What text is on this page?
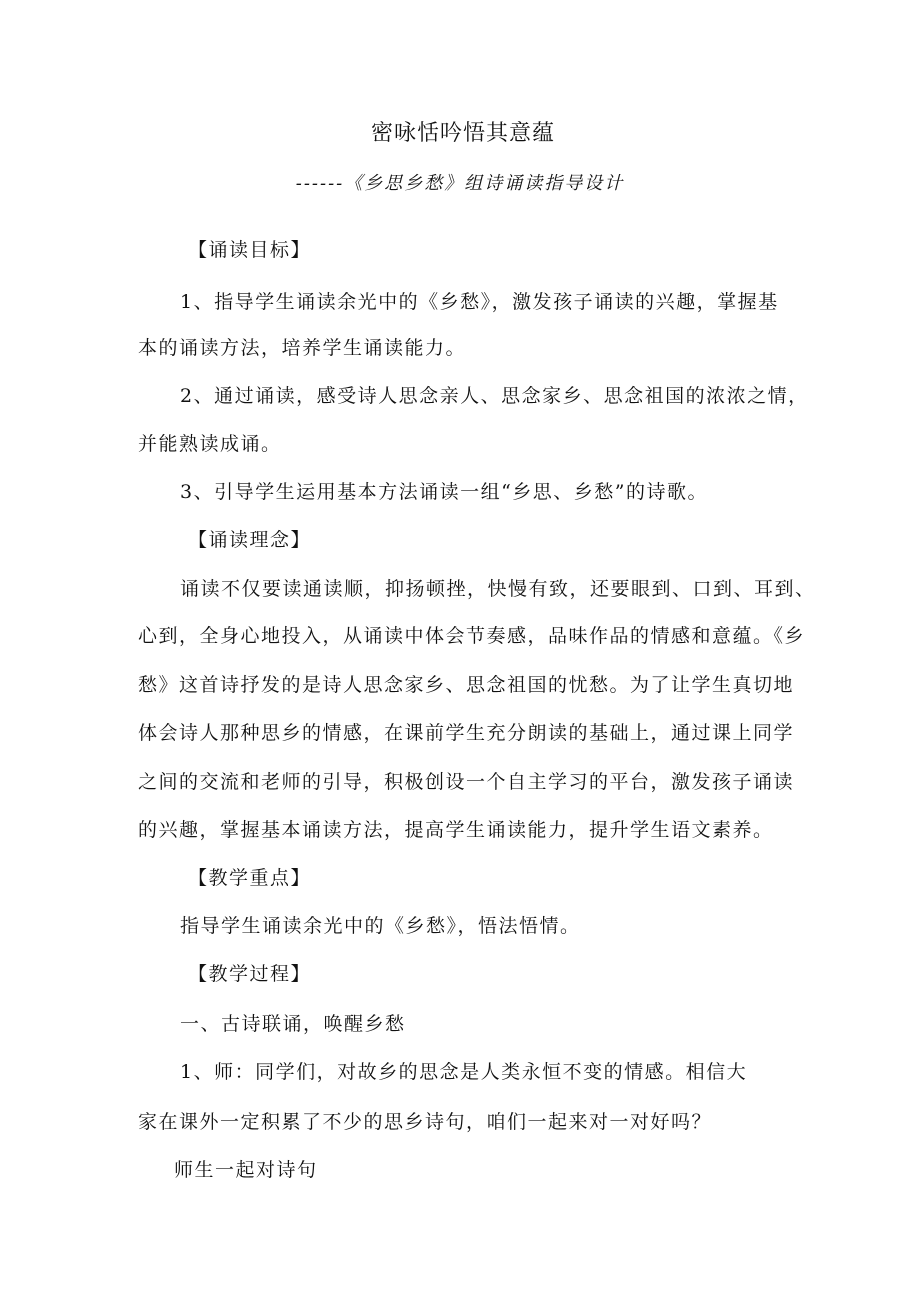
密咏恬吟悟其意蕴
------《乡思乡愁》组诗诵读指导设计
【诵读目标】
1、指导学生诵读余光中的《乡愁》，激发孩子诵读的兴趣，掌握基
本的诵读方法，培养学生诵读能力。
2、通过诵读，感受诗人思念亲人、思念家乡、思念祖国的浓浓之情，
并能熟读成诵。
3、引导学生运用基本方法诵读一组“乡思、乡愁”的诗歌。
【诵读理念】
诵读不仅要读通读顺，抑扬顿挫，快慢有致，还要眼到、口到、耳到、
心到，全身心地投入，从诵读中体会节奏感，品味作品的情感和意蕴。《乡
愁》这首诗抒发的是诗人思念家乡、思念祖国的忧愁。为了让学生真切地
体会诗人那种思乡的情感，在课前学生充分朗读的基础上，通过课上同学
之间的交流和老师的引导，积极创设一个自主学习的平台，激发孩子诵读
的兴趣，掌握基本诵读方法，提高学生诵读能力，提升学生语文素养。
【教学重点】
指导学生诵读余光中的《乡愁》，悟法悟情。
【教学过程】
一、古诗联诵，唤醒乡愁
1、师：同学们，对故乡的思念是人类永恒不变的情感。相信大
家在课外一定积累了不少的思乡诗句，咱们一起来对一对好吗？
师生一起对诗句
